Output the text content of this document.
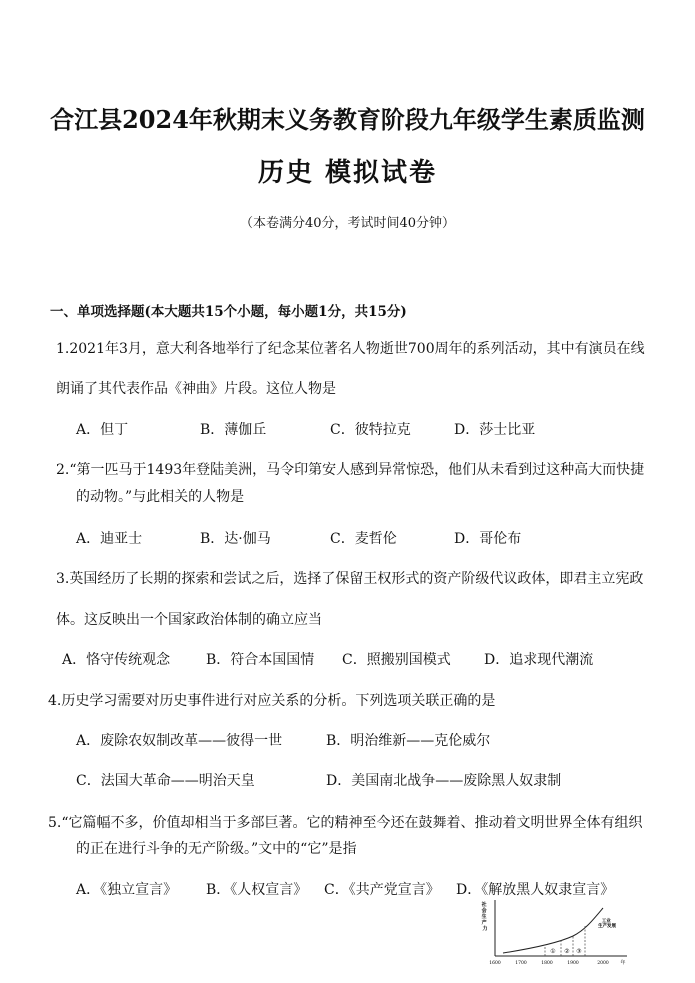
合江县2024年秋期末义务教育阶段九年级学生素质监测
历史 模拟试卷
（本卷满分40分，考试时间40分钟）
一、单项选择题(本大题共15个小题，每小题1分，共15分)
1.2021年3月，意大利各地举行了纪念某位著名人物逝世700周年的系列活动，其中有演员在线
朗诵了其代表作品《神曲》片段。这位人物是
A．但丁	B．薄伽丘	C．彼特拉克	D．莎士比亚
2.“第一匹马于1493年登陆美洲，马令印第安人感到异常惊恐，他们从未看到过这种高大而快捷
的动物。”与此相关的人物是
A．迪亚士	B．达·伽马	C．麦哲伦	D．哥伦布
3.英国经历了长期的探索和尝试之后，选择了保留王权形式的资产阶级代议政体，即君主立宪政
体。这反映出一个国家政治体制的确立应当
A．恪守传统观念	B．符合本国国情 C．照搬别国模式 D．追求现代潮流
4.历史学习需要对历史事件进行对应关系的分析。下列选项关联正确的是
A．废除农奴制改革——彼得一世	B．明治维新——克伦威尔
C．法国大革命——明治天皇	D．美国南北战争——废除黑人奴隶制
5.“它篇幅不多，价值却相当于多部巨著。它的精神至今还在鼓舞着、推动着文明世界全体有组织
的正在进行斗争的无产阶级。”文中的“它”是指
A．《独立宣言》 B．《人权宣言》 C．《共产党宣言》 D．《解放黑人奴隶宣言》
社 会 生 产 力
① ② ③
工业 生产发展
1600	1700	1800	1900	2000 年
